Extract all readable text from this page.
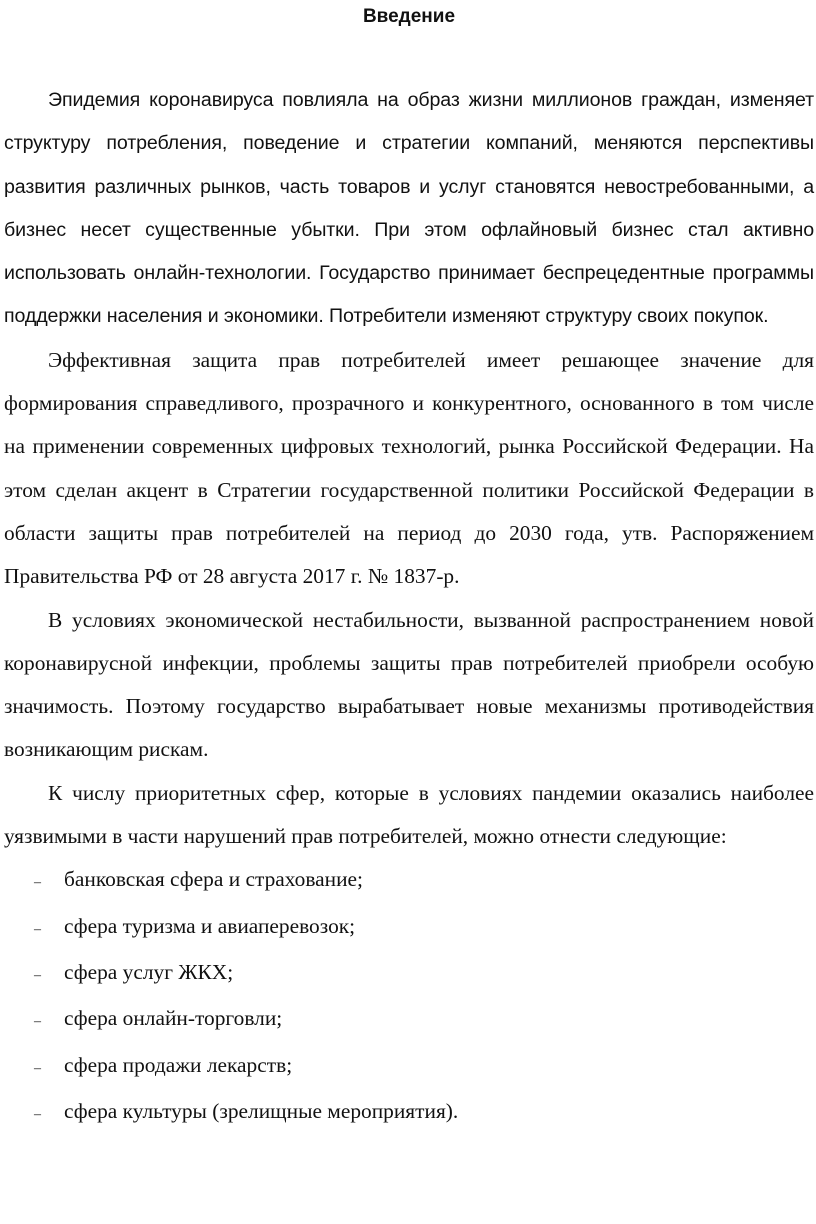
Введение

Эпидемия коронавируса повлияла на образ жизни миллионов граждан, изменяет структуру потребления, поведение и стратегии компаний, меняются перспективы развития различных рынков, часть товаров и услуг становятся невостребованными, а бизнес несет существенные убытки. При этом офлайновый бизнес стал активно использовать онлайн-технологии. Государство принимает беспрецедентные программы поддержки населения и экономики. Потребители изменяют структуру своих покупок.

Эффективная защита прав потребителей имеет решающее значение для формирования справедливого, прозрачного и конкурентного, основанного в том числе на применении современных цифровых технологий, рынка Российской Федерации. На этом сделан акцент в Стратегии государственной политики Российской Федерации в области защиты прав потребителей на период до 2030 года, утв. Распоряжением Правительства РФ от 28 августа 2017 г. № 1837-р.

В условиях экономической нестабильности, вызванной распространением новой коронавирусной инфекции, проблемы защиты прав потребителей приобрели особую значимость. Поэтому государство вырабатывает новые механизмы противодействия возникающим рискам.

К числу приоритетных сфер, которые в условиях пандемии оказались наиболее уязвимыми в части нарушений прав потребителей, можно отнести следующие:

–	банковская сфера и страхование;
–	сфера туризма и авиаперевозок;
–	сфера услуг ЖКХ;
–	сфера онлайн-торговли;
–	сфера продажи лекарств;
–	сфера культуры (зрелищные мероприятия).
